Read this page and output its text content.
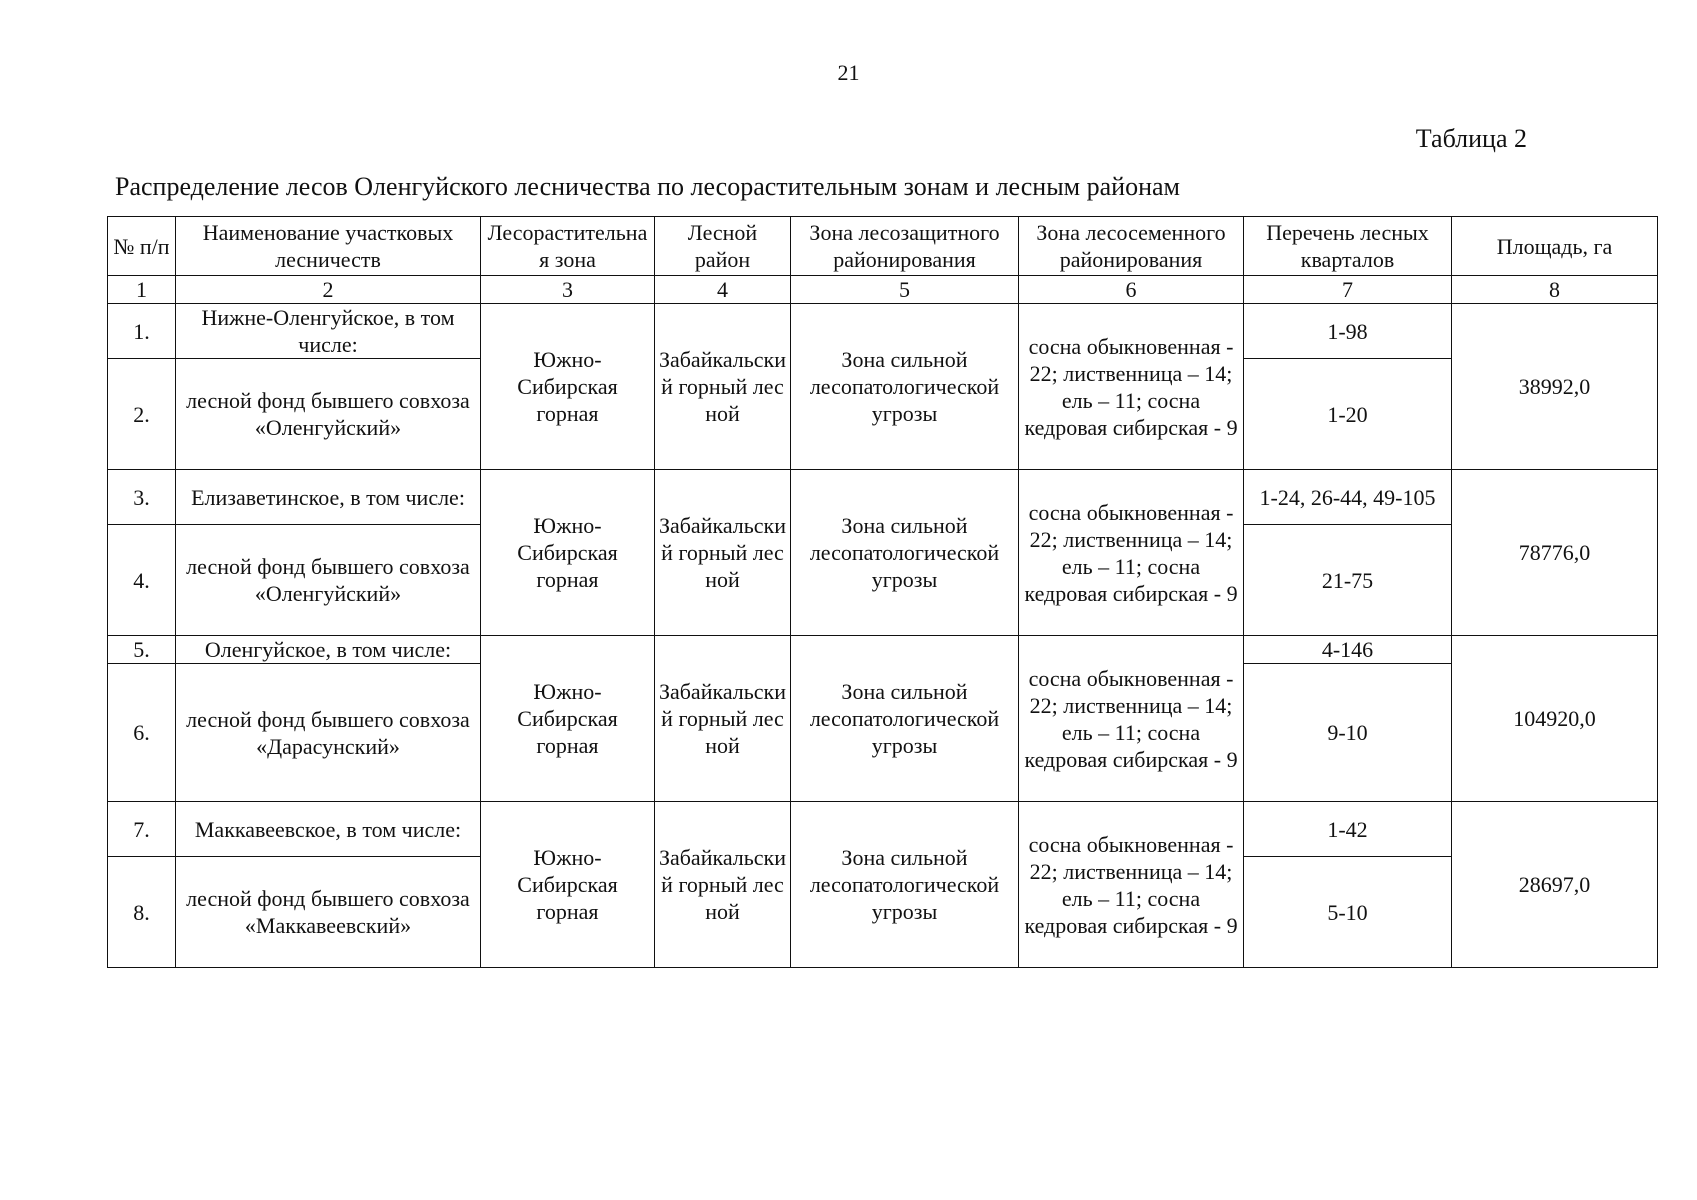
21
Таблица 2
Распределение лесов Оленгуйского лесничества по лесорастительным зонам и лесным районам
№ п/п	Наименование участковых лесничеств	Лесорастительная зона	Лесной район	Зона лесозащитного районирования	Зона лесосеменного районирования	Перечень лесных кварталов	Площадь, га
1	2	3	4	5	6	7	8
1.	Нижне-Оленгуйское, в том числе:	Южно-Сибирская горная	Забайкальский горный лесной	Зона сильной лесопатологической угрозы	сосна обыкновенная - 22; лиственница – 14; ель – 11; сосна кедровая сибирская - 9	1-98	38992,0
2.	лесной фонд бывшего совхоза «Оленгуйский»					1-20	
3.	Елизаветинское, в том числе:	Южно-Сибирская горная	Забайкальский горный лесной	Зона сильной лесопатологической угрозы	сосна обыкновенная - 22; лиственница – 14; ель – 11; сосна кедровая сибирская - 9	1-24, 26-44, 49-105	78776,0
4.	лесной фонд бывшего совхоза «Оленгуйский»					21-75	
5.	Оленгуйское, в том числе:	Южно-Сибирская горная	Забайкальский горный лесной	Зона сильной лесопатологической угрозы	сосна обыкновенная - 22; лиственница – 14; ель – 11; сосна кедровая сибирская - 9	4-146	104920,0
6.	лесной фонд бывшего совхоза «Дарасунский»					9-10	
7.	Маккавеевское, в том числе:	Южно-Сибирская горная	Забайкальский горный лесной	Зона сильной лесопатологической угрозы	сосна обыкновенная - 22; лиственница – 14; ель – 11; сосна кедровая сибирская - 9	1-42	28697,0
8.	лесной фонд бывшего совхоза «Маккавеевский»					5-10	
